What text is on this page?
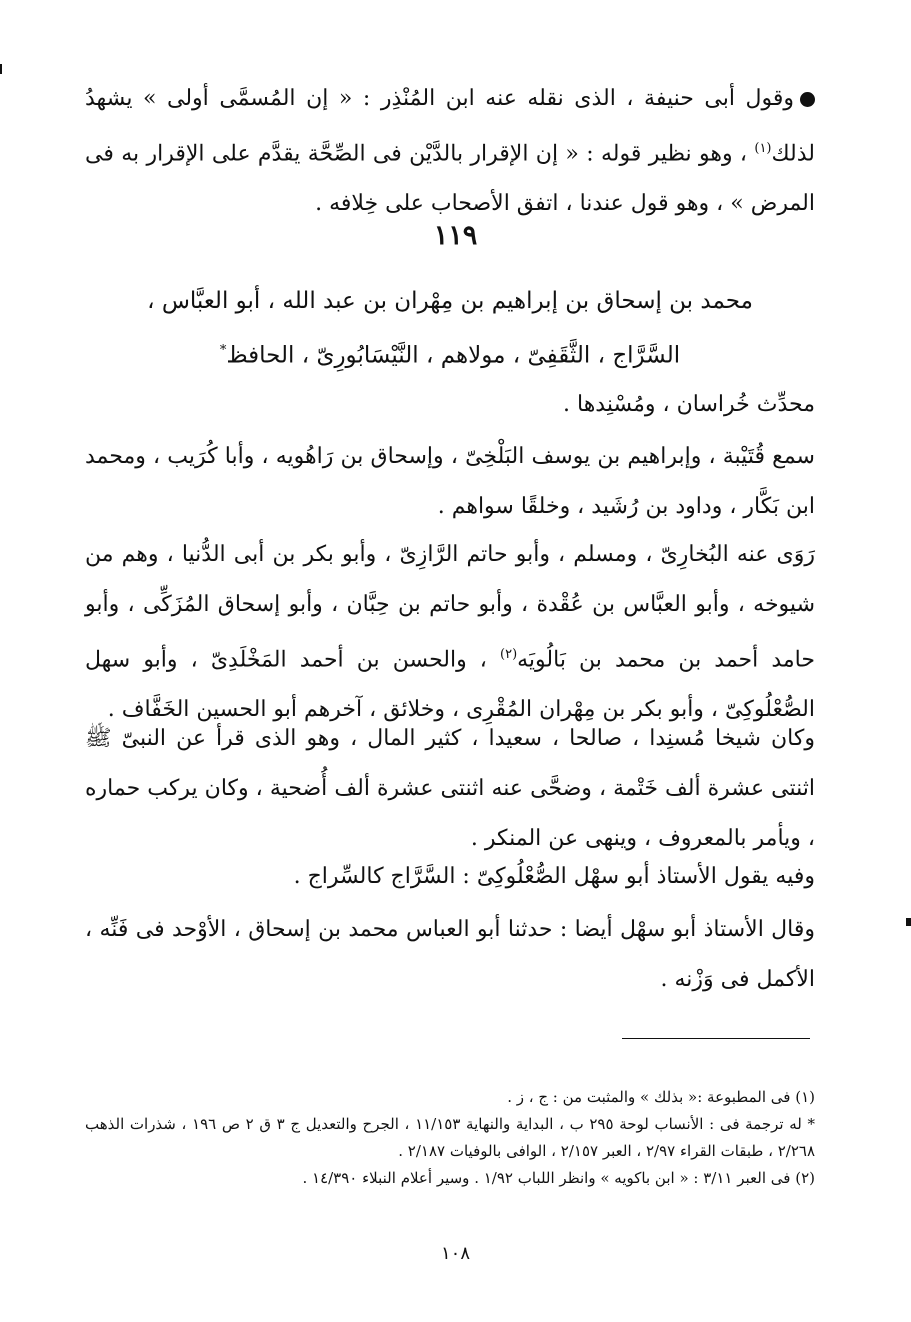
وقول أبى حنيفة ، الذى نقله عنه ابن المُنْذِر : « إن المُسمَّى أولى » يشهدُ لذلك$^{(١)}$ ، وهو نظير قوله : « إن الإقرار بالدَّيْن فى الصِّحَّة يقدَّم على الإقرار به فى المرض » ، وهو قول عندنا ، اتفق الأصحاب على خِلافه .

١١٩
محمد بن إسحاق بن إبراهيم بن مِهْران بن عبد الله ، أبو العبَّاس ،
السَّرَّاج ، الثَّقَفِىّ ، مولاهم ، النَّيْسَابُورِىّ ، الحافظ*

محدِّث خُراسان ، ومُسْنِدها .

سمع قُتَيْبة ، وإبراهيم بن يوسف البَلْخِىّ ، وإسحاق بن رَاهُويه ، وأبا كُرَيب ، ومحمد ابن بَكَّار ، وداود بن رُشَيد ، وخلقًا سواهم .

رَوَى عنه البُخارِىّ ، ومسلم ، وأبو حاتم الرَّازِىّ ، وأبو بكر بن أبى الدُّنيا ، وهم من شيوخه ، وأبو العبَّاس بن عُقْدة ، وأبو حاتم بن حِبَّان ، وأبو إسحاق المُزَكِّى ، وأبو حامد أحمد بن محمد بن بَالُويَه$^{(٢)}$ ، والحسن بن أحمد المَخْلَدِىّ ، وأبو سهل الصُّعْلُوكِىّ ، وأبو بكر بن مِهْران المُقْرِى ، وخلائق ، آخرهم أبو الحسين الخَفَّاف .

وكان شيخا مُسنِدا ، صالحا ، سعيدا ، كثير المال ، وهو الذى قرأ عن النبىّ ﷺ اثنتى عشرة ألف خَتْمة ، وضحَّى عنه اثنتى عشرة ألف أُضحية ، وكان يركب حماره ، ويأمر بالمعروف ، وينهى عن المنكر .

وفيه يقول الأستاذ أبو سهْل الصُّعْلُوكِىّ : السَّرَّاج كالسِّراج .

وقال الأستاذ أبو سهْل أيضا : حدثنا أبو العباس محمد بن إسحاق ، الأوْحد فى فَنِّه ، الأكمل فى وَزْنه .

(١) فى المطبوعة :« بذلك » والمثبت من : ج ، ز .

* له ترجمة فى : الأنساب لوحة ٢٩٥ ب ، البداية والنهاية ١١/١٥٣ ، الجرح والتعديل ج ٣ ق ٢ ص ١٩٦ ، شذرات الذهب ٢/٢٦٨ ، طبقات القراء ٢/٩٧ ، العبر ٢/١٥٧ ، الوافى بالوفيات ٢/١٨٧ .

(٢) فى العبر ٣/١١ : « ابن باكويه » وانظر اللباب ١/٩٢ . وسير أعلام النبلاء ١٤/٣٩٠ .

١٠٨
